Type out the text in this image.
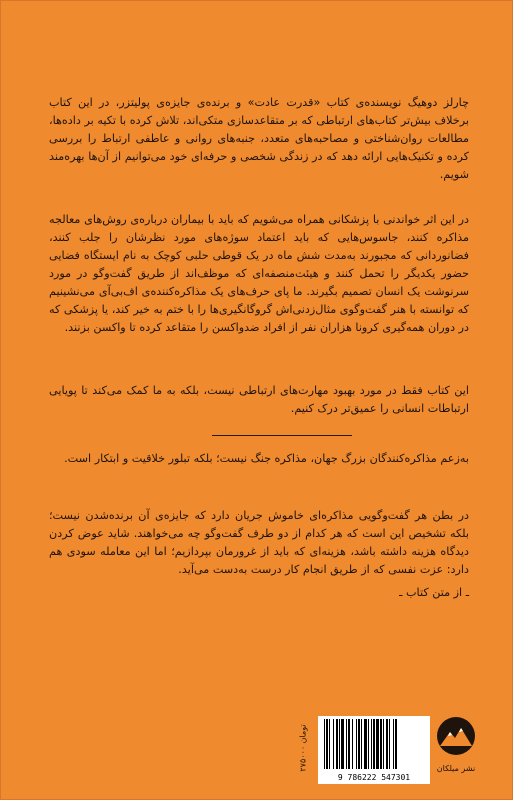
چارلز دوهیگ نویسنده‌ی کتاب «قدرت عادت» و برنده‌ی جایزه‌ی پولیتزر، در این کتاب برخلاف بیش‌تر کتاب‌های ارتباطی که بر متقاعدسازی متکی‌اند، تلاش کرده با تکیه بر داده‌ها، مطالعات روان‌شناختی و مصاحبه‌های متعدد، جنبه‌های روانی و عاطفی ارتباط را بررسی کرده و تکنیک‌هایی ارائه دهد که در زندگی شخصی و حرفه‌ای خود می‌توانیم از آن‌ها بهره‌مند شویم.

در این اثر خواندنی با پزشکانی همراه می‌شویم که باید با بیماران درباره‌ی روش‌های معالجه مذاکره کنند، جاسوس‌هایی که باید اعتماد سوژه‌های مورد نظرشان را جلب کنند، فضانوردانی که مجبورند به‌مدت شش ماه در یک قوطی حلبی کوچک به نام ایستگاه فضایی حضور یکدیگر را تحمل کنند و هیئت‌منصفه‌ای که موظف‌اند از طریق گفت‌وگو در مورد سرنوشت یک انسان تصمیم بگیرند. ما پای حرف‌های یک مذاکره‌کننده‌ی اف‌بی‌آی می‌نشینیم که توانسته با هنر گفت‌وگوی مثال‌زدنی‌اش گروگانگیری‌ها را با ختم به خیر کند، یا پزشکی که در دوران همه‌گیری کرونا هزاران نفر از افراد ضدواکسن را متقاعد کرده تا واکسن بزنند.

این کتاب فقط در مورد بهبود مهارت‌های ارتباطی نیست، بلکه به ما کمک می‌کند تا پویایی ارتباطات انسانی را عمیق‌تر درک کنیم.

به‌زعم مذاکره‌کنندگان بزرگ جهان، مذاکره جنگ نیست؛ بلکه تبلور خلاقیت و ابتکار است.

در بطن هر گفت‌وگویی مذاکره‌ای خاموش جریان دارد که جایزه‌ی آن برنده‌شدن نیست؛ بلکه تشخیص این است که هر کدام از دو طرف گفت‌وگو چه می‌خواهند. شاید عوض کردن دیدگاه هزینه داشته باشد، هزینه‌ای که باید از غرورمان بپردازیم؛ اما این معامله سودی هم دارد: عزت نفسی که از طریق انجام کار درست به‌دست می‌آید.

ـ از متن کتاب ـ

۲۷۵۰۰۰ تومان
9 786222 547301
نشر میلکان
